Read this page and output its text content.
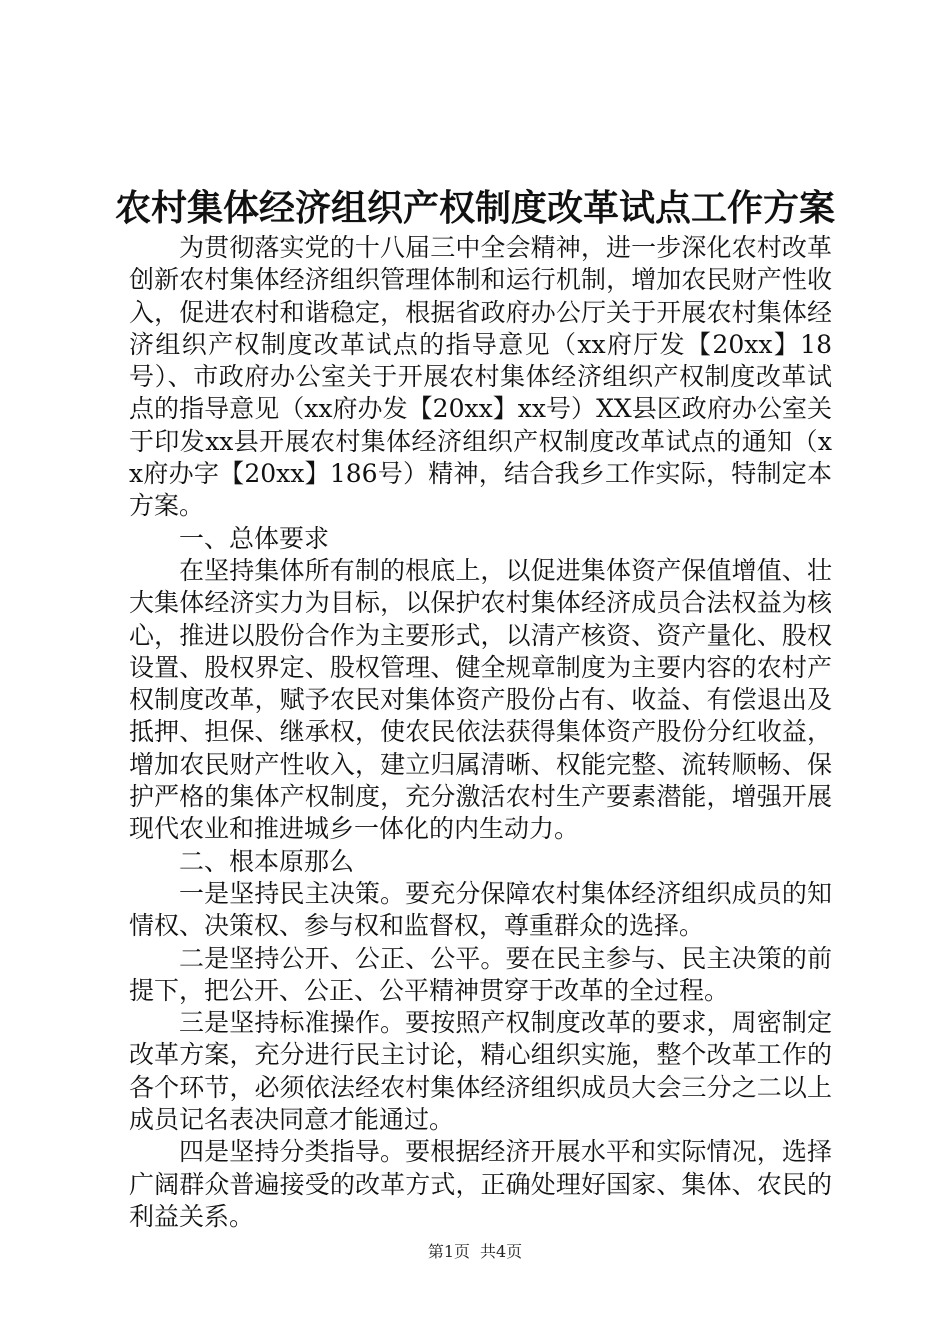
农村集体经济组织产权制度改革试点工作方案

为贯彻落实党的十八届三中全会精神，进一步深化农村改革创新农村集体经济组织管理体制和运行机制，增加农民财产性收入，促进农村和谐稳定，根据省政府办公厅关于开展农村集体经济组织产权制度改革试点的指导意见（xx府厅发【20xx】18号）、市政府办公室关于开展农村集体经济组织产权制度改革试点的指导意见（xx府办发【20xx】xx号）XX县区政府办公室关于印发xx县开展农村集体经济组织产权制度改革试点的通知（xx府办字【20xx】186号）精神，结合我乡工作实际，特制定本方案。

一、总体要求

在坚持集体所有制的根底上，以促进集体资产保值增值、壮大集体经济实力为目标，以保护农村集体经济成员合法权益为核心，推进以股份合作为主要形式，以清产核资、资产量化、股权设置、股权界定、股权管理、健全规章制度为主要内容的农村产权制度改革，赋予农民对集体资产股份占有、收益、有偿退出及抵押、担保、继承权，使农民依法获得集体资产股份分红收益，增加农民财产性收入，建立归属清晰、权能完整、流转顺畅、保护严格的集体产权制度，充分激活农村生产要素潜能，增强开展现代农业和推进城乡一体化的内生动力。

二、根本原那么

一是坚持民主决策。要充分保障农村集体经济组织成员的知情权、决策权、参与权和监督权，尊重群众的选择。

二是坚持公开、公正、公平。要在民主参与、民主决策的前提下，把公开、公正、公平精神贯穿于改革的全过程。

三是坚持标准操作。要按照产权制度改革的要求，周密制定改革方案，充分进行民主讨论，精心组织实施，整个改革工作的各个环节，必须依法经农村集体经济组织成员大会三分之二以上成员记名表决同意才能通过。

四是坚持分类指导。要根据经济开展水平和实际情况，选择广阔群众普遍接受的改革方式，正确处理好国家、集体、农民的利益关系。

第1页 共4页
